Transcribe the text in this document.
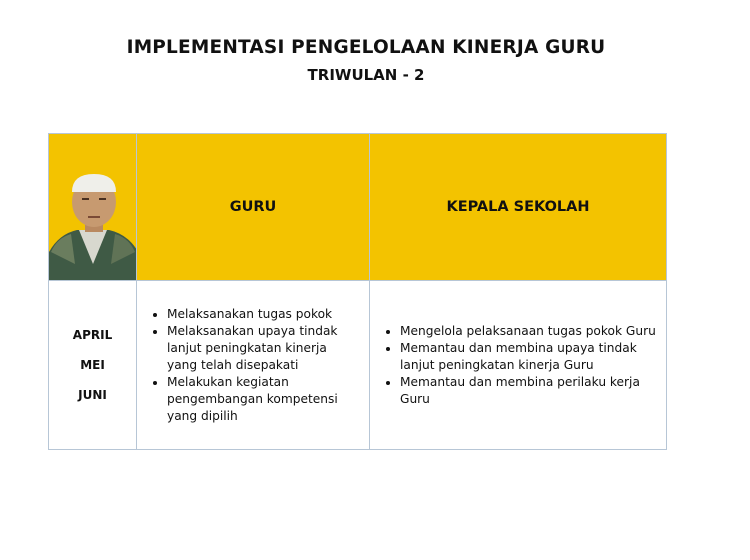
IMPLEMENTASI PENGELOLAAN KINERJA GURU
TRIWULAN - 2
GURU	KEPALA SEKOLAH
APRIL
MEI
JUNI
• Melaksanakan tugas pokok
• Melaksanakan upaya tindak lanjut peningkatan kinerja yang telah disepakati
• Melakukan kegiatan pengembangan kompetensi yang dipilih
• Mengelola pelaksanaan tugas pokok Guru
• Memantau dan membina upaya tindak lanjut peningkatan kinerja Guru
• Memantau dan membina perilaku kerja Guru
